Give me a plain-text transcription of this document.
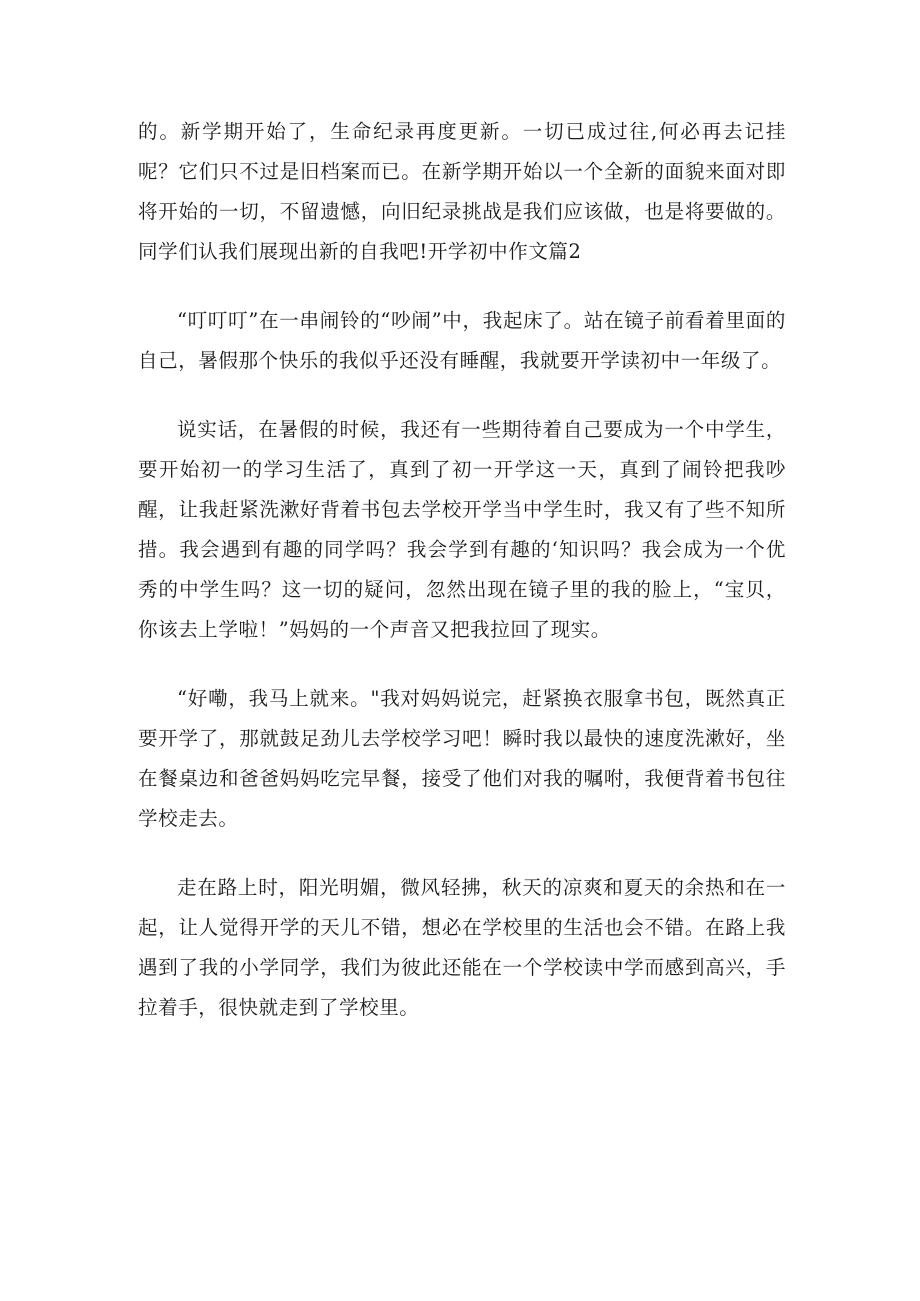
的。新学期开始了，生命纪录再度更新。一切已成过往,何必再去记挂呢？它们只不过是旧档案而已。在新学期开始以一个全新的面貌来面对即将开始的一切，不留遗憾，向旧纪录挑战是我们应该做，也是将要做的。同学们认我们展现出新的自我吧!开学初中作文篇2

“叮叮叮”在一串闹铃的“吵闹”中，我起床了。站在镜子前看着里面的自己，暑假那个快乐的我似乎还没有睡醒，我就要开学读初中一年级了。

说实话，在暑假的时候，我还有一些期待着自己要成为一个中学生，要开始初一的学习生活了，真到了初一开学这一天，真到了闹铃把我吵醒，让我赶紧洗漱好背着书包去学校开学当中学生时，我又有了些不知所措。我会遇到有趣的同学吗？我会学到有趣的‘知识吗？我会成为一个优秀的中学生吗？这一切的疑问，忽然出现在镜子里的我的脸上，“宝贝，你该去上学啦！”妈妈的一个声音又把我拉回了现实。

“好嘞，我马上就来。"我对妈妈说完，赶紧换衣服拿书包，既然真正要开学了，那就鼓足劲儿去学校学习吧！瞬时我以最快的速度洗漱好，坐在餐桌边和爸爸妈妈吃完早餐，接受了他们对我的嘱咐，我便背着书包往学校走去。

走在路上时，阳光明媚，微风轻拂，秋天的凉爽和夏天的余热和在一起，让人觉得开学的天儿不错，想必在学校里的生活也会不错。在路上我遇到了我的小学同学，我们为彼此还能在一个学校读中学而感到高兴，手拉着手，很快就走到了学校里。
